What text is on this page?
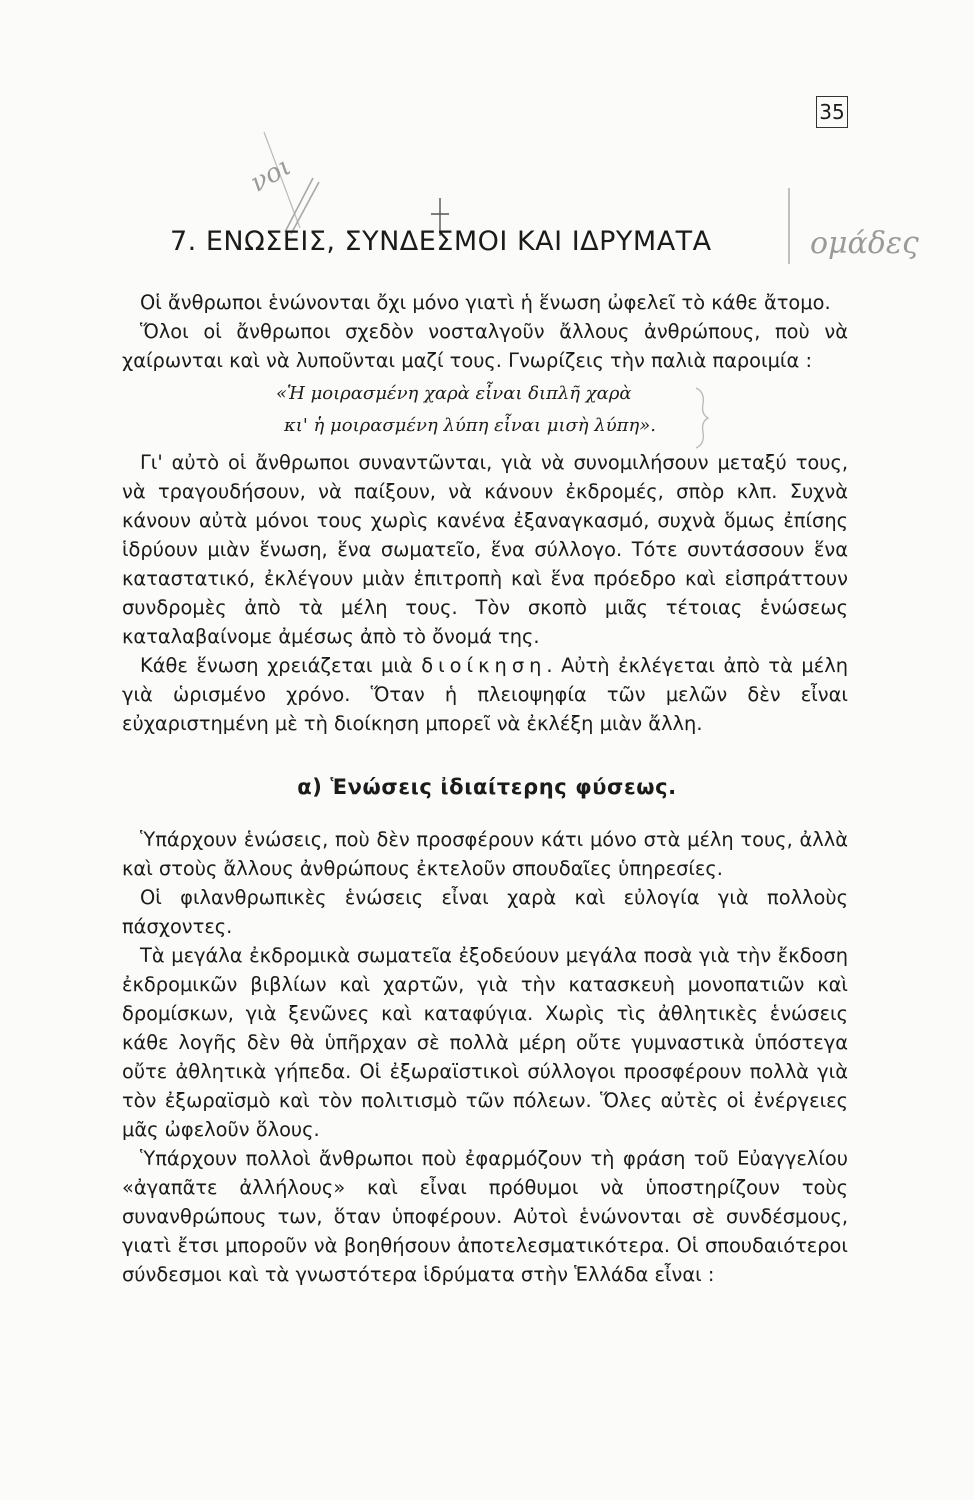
35
νοι
ομάδες
7. ΕΝΩΣΕΙΣ, ΣΥΝΔΕΣΜΟΙ ΚΑΙ ΙΔΡΥΜΑΤΑ

Οἱ ἄνθρωποι ἑνώνονται ὄχι μόνο γιατὶ ἡ ἕνωση ὠφελεῖ τὸ κάθε ἄτομο.

Ὅλοι οἱ ἄνθρωποι σχεδὸν νοσταλγοῦν ἄλλους ἀνθρώπους, ποὺ νὰ χαίρωνται καὶ νὰ λυποῦνται μαζί τους. Γνωρίζεις τὴν παλιὰ παροιμία :

«Ἡ μοιρασμένη χαρὰ εἶναι διπλῆ χαρὰ
κι' ἡ μοιρασμένη λύπη εἶναι μισὴ λύπη».

Γι' αὐτὸ οἱ ἄνθρωποι συναντῶνται, γιὰ νὰ συνομιλήσουν μεταξύ τους, νὰ τραγουδήσουν, νὰ παίξουν, νὰ κάνουν ἐκδρομές, σπὸρ κλπ. Συχνὰ κάνουν αὐτὰ μόνοι τους χωρὶς κανένα ἐξαναγκασμό, συχνὰ ὅμως ἐπίσης ἱδρύουν μιὰν ἕνωση, ἕνα σωματεῖο, ἕνα σύλλογο. Τότε συντάσσουν ἕνα καταστατικό, ἐκλέγουν μιὰν ἐπιτροπὴ καὶ ἕνα πρόεδρο καὶ εἰσπράττουν συνδρομὲς ἀπὸ τὰ μέλη τους. Τὸν σκοπὸ μιᾶς τέτοιας ἑνώσεως καταλαβαίνομε ἀμέσως ἀπὸ τὸ ὄνομά της.

Κάθε ἕνωση χρειάζεται μιὰ διοίκηση. Αὐτὴ ἐκλέγεται ἀπὸ τὰ μέλη γιὰ ὡρισμένο χρόνο. Ὅταν ἡ πλειοψηφία τῶν μελῶν δὲν εἶναι εὐχαριστημένη μὲ τὴ διοίκηση μπορεῖ νὰ ἐκλέξη μιὰν ἄλλη.

α) Ἑνώσεις ἰδιαίτερης φύσεως.

Ὑπάρχουν ἑνώσεις, ποὺ δὲν προσφέρουν κάτι μόνο στὰ μέλη τους, ἀλλὰ καὶ στοὺς ἄλλους ἀνθρώπους ἐκτελοῦν σπουδαῖες ὑπηρεσίες.

Οἱ φιλανθρωπικὲς ἑνώσεις εἶναι χαρὰ καὶ εὐλογία γιὰ πολλοὺς πάσχοντες.

Τὰ μεγάλα ἐκδρομικὰ σωματεῖα ἐξοδεύουν μεγάλα ποσὰ γιὰ τὴν ἔκδοση ἐκδρομικῶν βιβλίων καὶ χαρτῶν, γιὰ τὴν κατασκευὴ μονοπατιῶν καὶ δρομίσκων, γιὰ ξενῶνες καὶ καταφύγια. Χωρὶς τὶς ἀθλητικὲς ἑνώσεις κάθε λογῆς δὲν θὰ ὑπῆρχαν σὲ πολλὰ μέρη οὔτε γυμναστικὰ ὑπόστεγα οὔτε ἀθλητικὰ γήπεδα. Οἱ ἐξωραϊστικοὶ σύλλογοι προσφέρουν πολλὰ γιὰ τὸν ἐξωραϊσμὸ καὶ τὸν πολιτισμὸ τῶν πόλεων. Ὅλες αὐτὲς οἱ ἐνέργειες μᾶς ὠφελοῦν ὅλους.

Ὑπάρχουν πολλοὶ ἄνθρωποι ποὺ ἐφαρμόζουν τὴ φράση τοῦ Εὐαγγελίου «ἀγαπᾶτε ἀλλήλους» καὶ εἶναι πρόθυμοι νὰ ὑποστηρίζουν τοὺς συνανθρώπους των, ὅταν ὑποφέρουν. Αὐτοὶ ἑνώνονται σὲ συνδέσμους, γιατὶ ἔτσι μποροῦν νὰ βοηθήσουν ἀποτελεσματικότερα. Οἱ σπουδαιότεροι σύνδεσμοι καὶ τὰ γνωστότερα ἱδρύματα στὴν Ἑλλάδα εἶναι :
